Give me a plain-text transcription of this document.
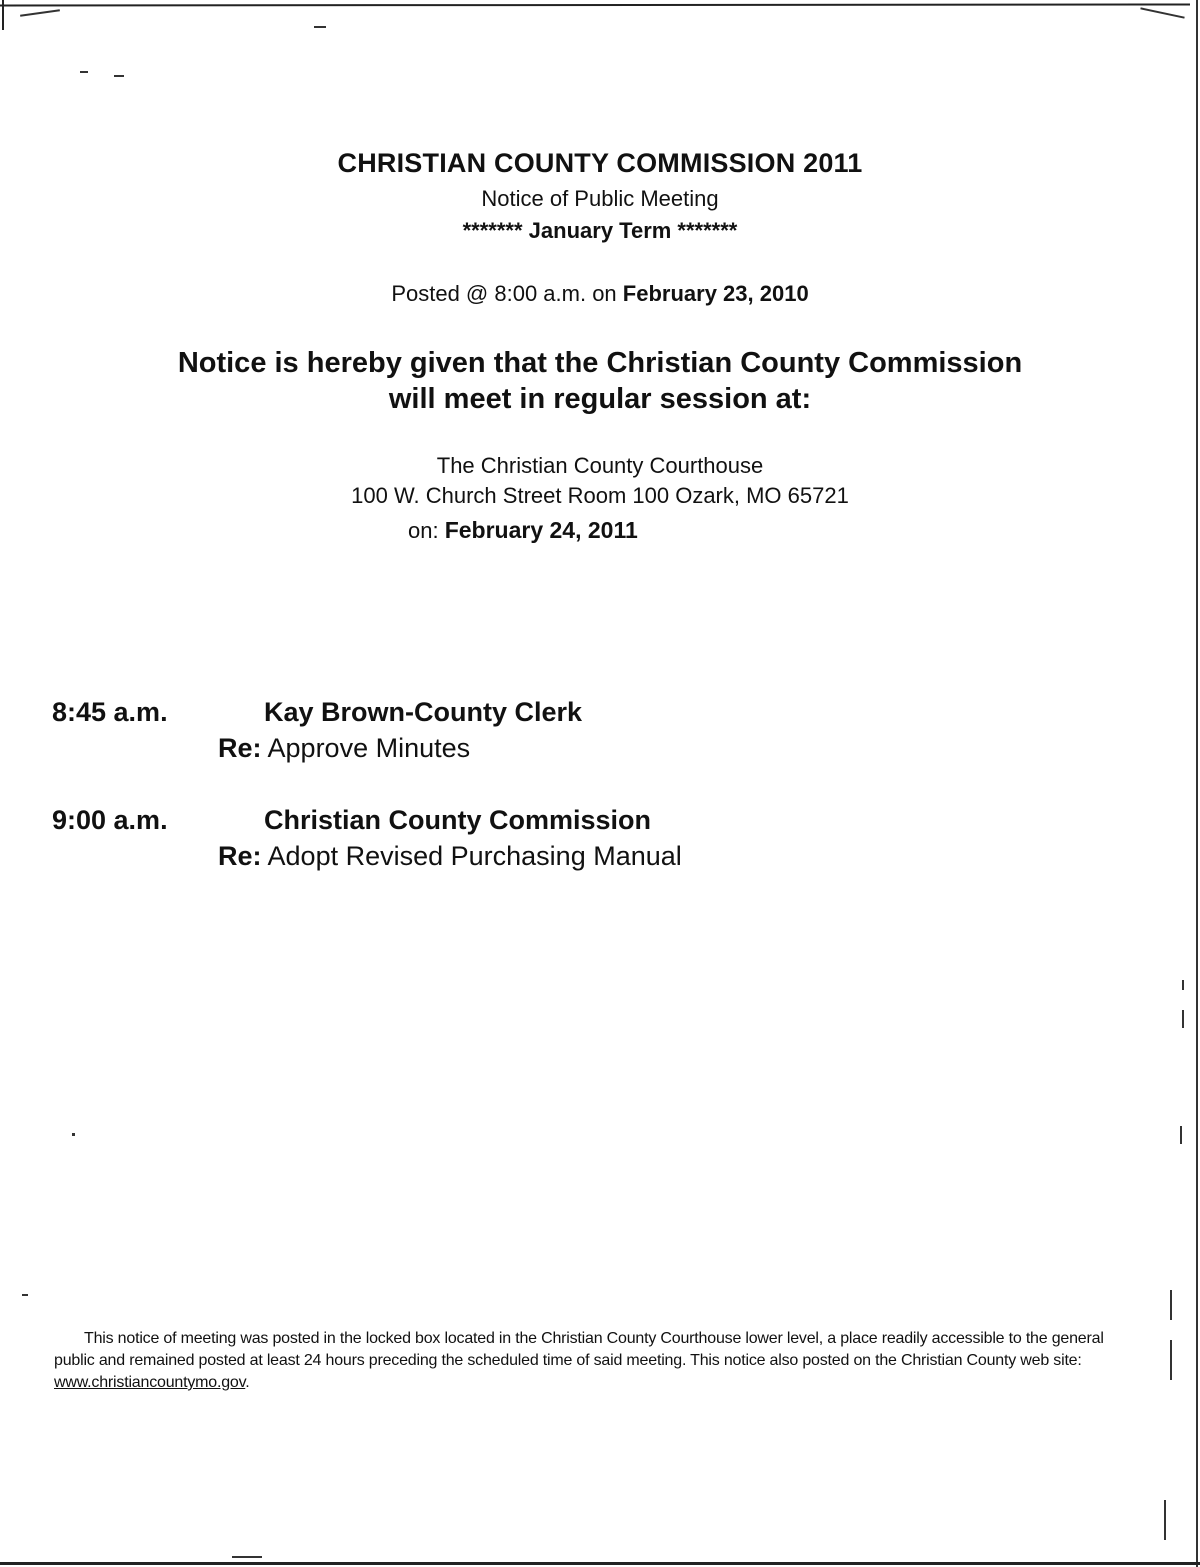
CHRISTIAN COUNTY COMMISSION 2011
Notice of Public Meeting
******* January Term *******
Posted @ 8:00 a.m. on February 23, 2010
Notice is hereby given that the Christian County Commission
will meet in regular session at:
The Christian County Courthouse
100 W. Church Street Room 100 Ozark, MO 65721
on: February 24, 2011
8:45 a.m.	Kay Brown-County Clerk
Re: Approve Minutes
9:00 a.m.	Christian County Commission
Re: Adopt Revised Purchasing Manual
This notice of meeting was posted in the locked box located in the Christian County Courthouse lower level, a place readily accessible to the general public and remained posted at least 24 hours preceding the scheduled time of said meeting. This notice also posted on the Christian County web site: www.christiancountymo.gov.
